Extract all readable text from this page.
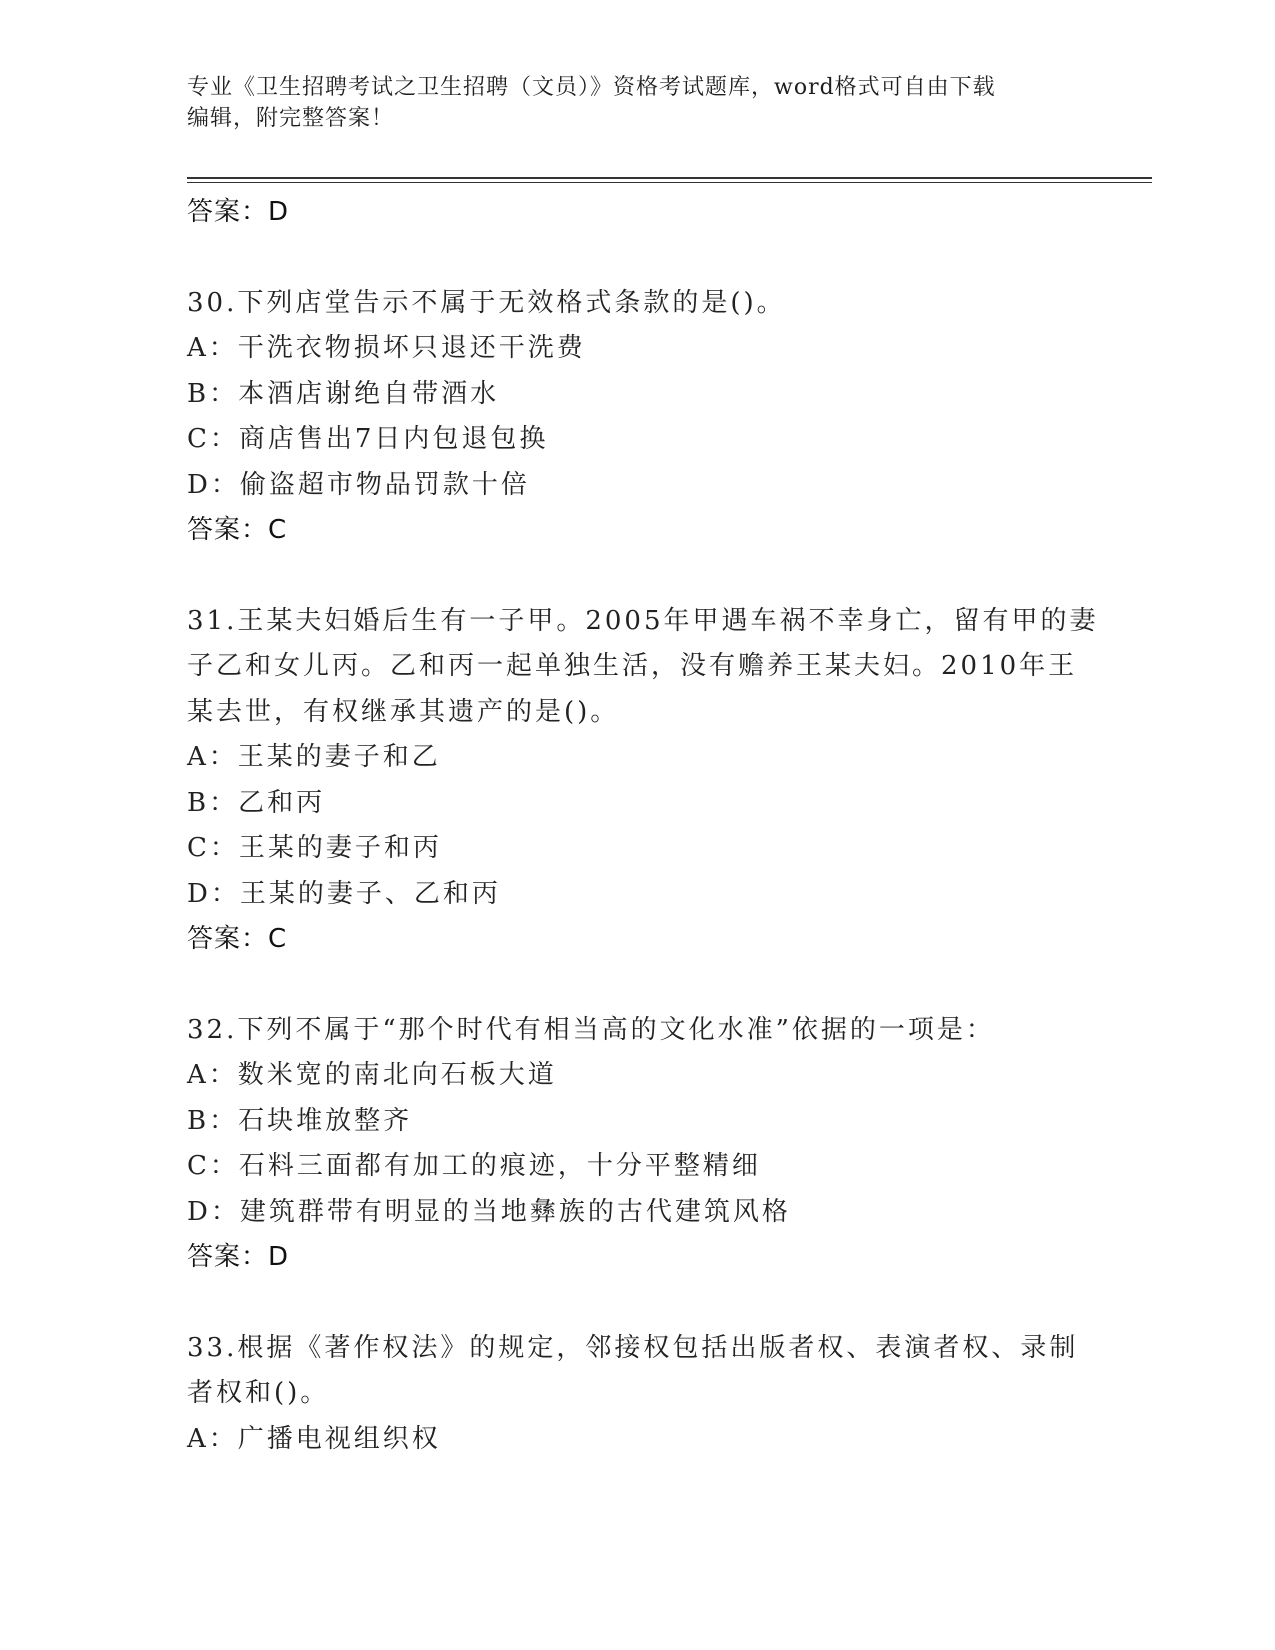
专业《卫生招聘考试之卫生招聘（文员）》资格考试题库，word格式可自由下载
编辑，附完整答案！
答案：D
30.下列店堂告示不属于无效格式条款的是()。
A：干洗衣物损坏只退还干洗费
B：本酒店谢绝自带酒水
C：商店售出7日内包退包换
D：偷盗超市物品罚款十倍
答案：C
31.王某夫妇婚后生有一子甲。2005年甲遇车祸不幸身亡，留有甲的妻
子乙和女儿丙。乙和丙一起单独生活，没有赡养王某夫妇。2010年王
某去世，有权继承其遗产的是()。
A：王某的妻子和乙
B：乙和丙
C：王某的妻子和丙
D：王某的妻子、乙和丙
答案：C
32.下列不属于“那个时代有相当高的文化水准”依据的一项是：
A：数米宽的南北向石板大道
B：石块堆放整齐
C：石料三面都有加工的痕迹，十分平整精细
D：建筑群带有明显的当地彝族的古代建筑风格
答案：D
33.根据《著作权法》的规定，邻接权包括出版者权、表演者权、录制
者权和()。
A：广播电视组织权
